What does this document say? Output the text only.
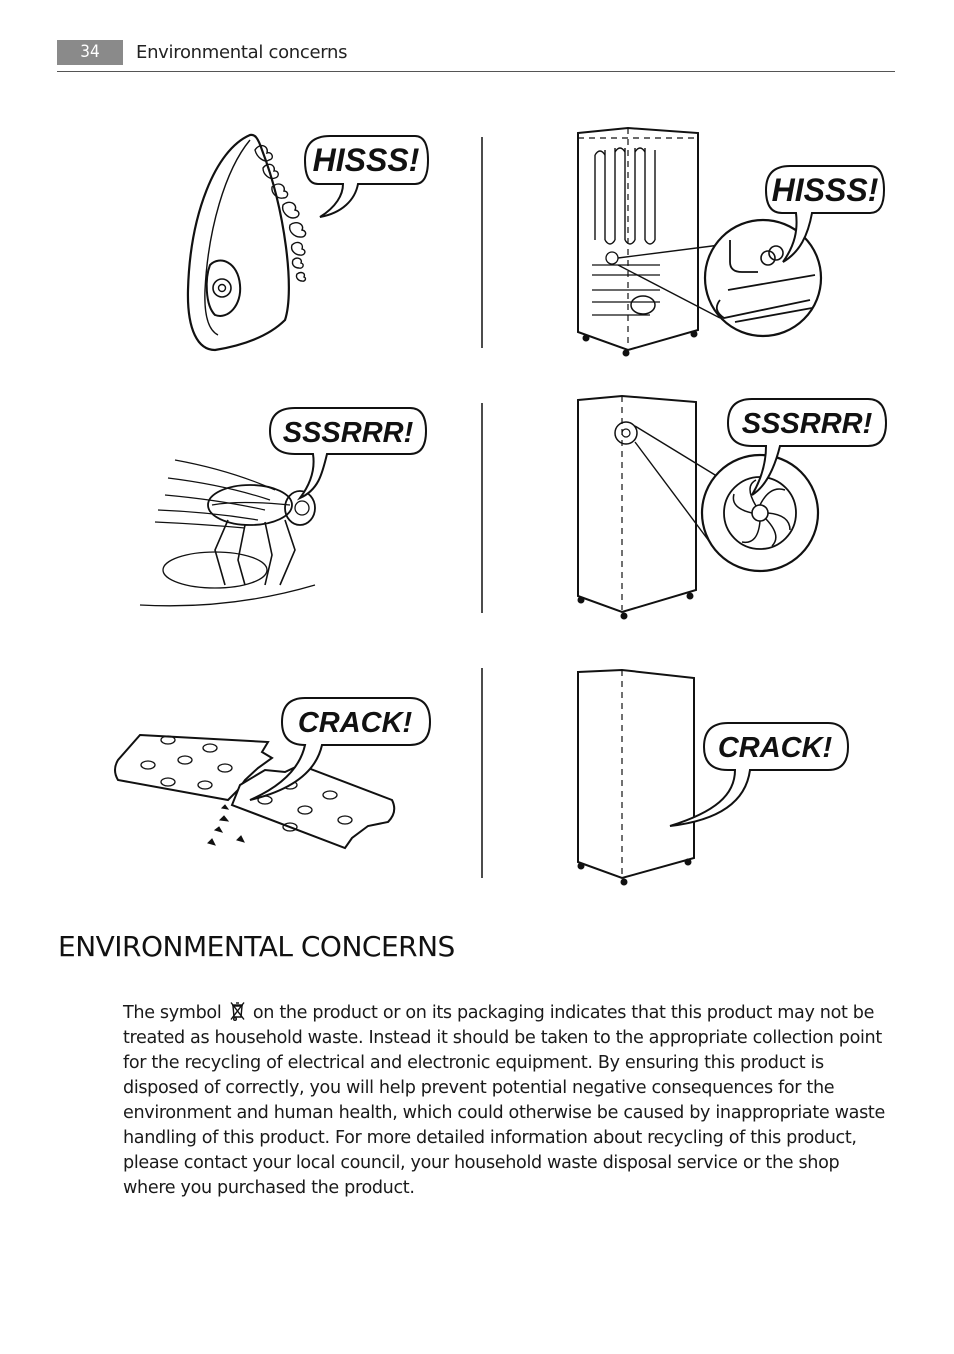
34	Environmental concerns
HISSS!
HISSS!
SSSRRR!	SSSRRR!
CRACK!
CRACK!
ENVIRONMENTAL CONCERNS

The symbol on the product or on its packaging indicates that this product may not be treated as household waste. Instead it should be taken to the appropriate collection point for the recycling of electrical and electronic equipment. By ensuring this product is disposed of correctly, you will help prevent potential negative consequences for the environment and human health, which could otherwise be caused by inappropriate waste handling of this product. For more detailed information about recycling of this product, please contact your local council, your household waste disposal service or the shop where you purchased the product.
